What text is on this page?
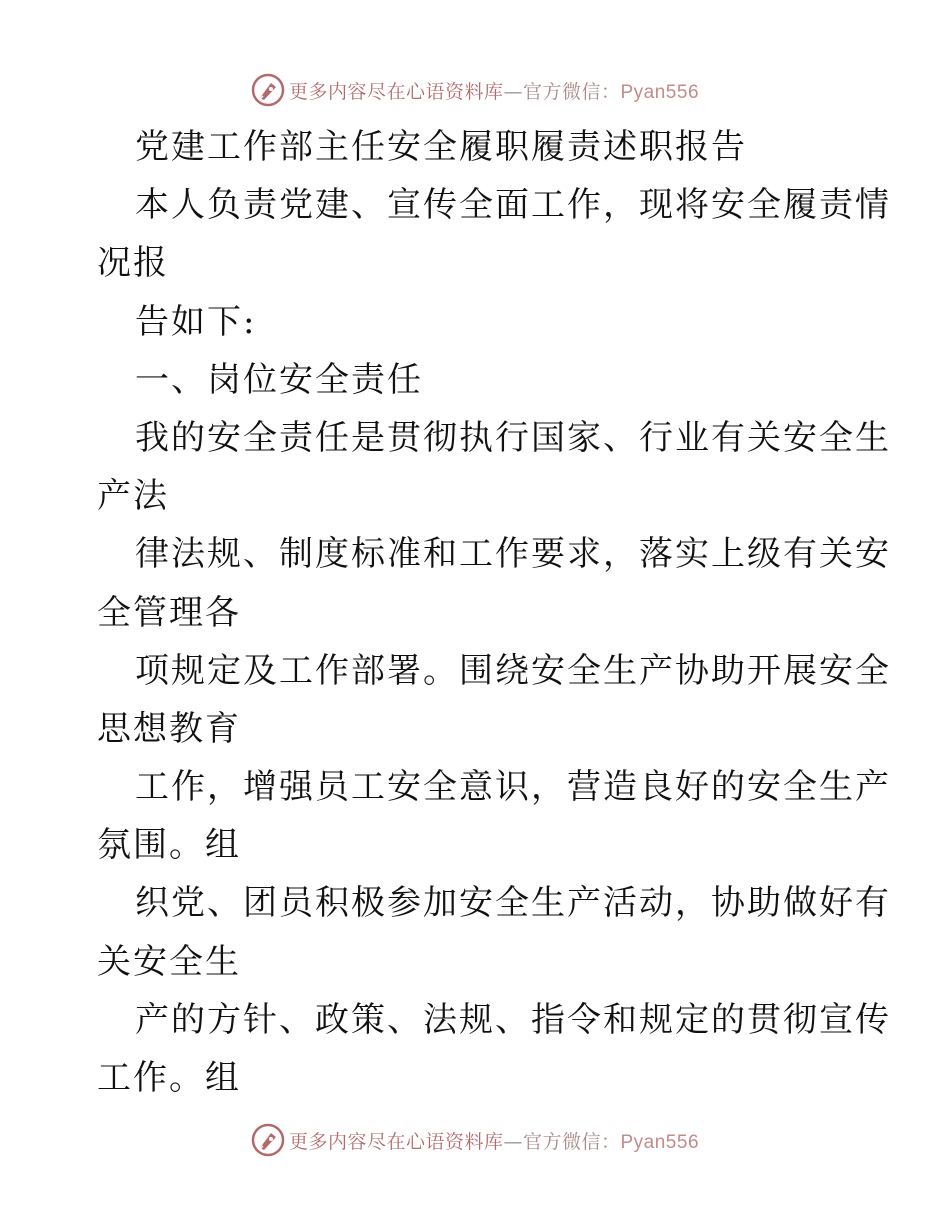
更多内容尽在心语资料库—官方微信：Pyan556
党建工作部主任安全履职履责述职报告
本人负责党建、宣传全面工作，现将安全履责情
况报
告如下:
一、岗位安全责任
我的安全责任是贯彻执行国家、行业有关安全生
产法
律法规、制度标准和工作要求，落实上级有关安
全管理各
项规定及工作部署。围绕安全生产协助开展安全
思想教育
工作，增强员工安全意识，营造良好的安全生产
氛围。组
织党、团员积极参加安全生产活动，协助做好有
关安全生
产的方针、政策、法规、指令和规定的贯彻宣传
工作。组
更多内容尽在心语资料库—官方微信：Pyan556
